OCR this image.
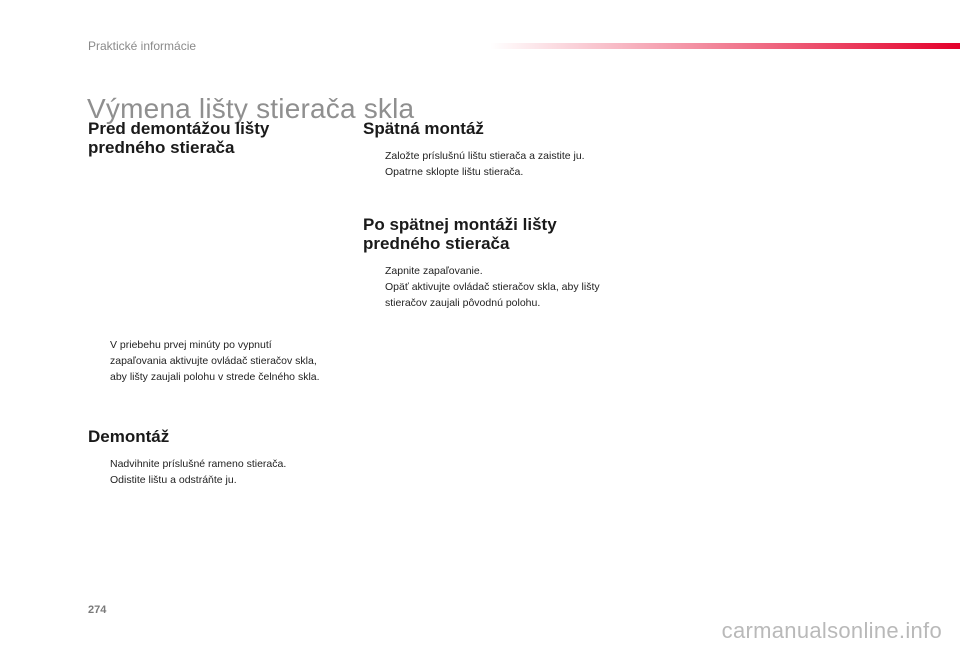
Praktické informácie
Výmena lišty stierača skla
Pred demontážou lišty
predného stierača
V priebehu prvej minúty po vypnutí zapaľovania aktivujte ovládač stieračov skla, aby lišty zaujali polohu v strede čelného skla.
Demontáž
Nadvihnite príslušné rameno stierača.
Odistite lištu a odstráňte ju.
Spätná montáž
Založte príslušnú lištu stierača a zaistite ju.
Opatrne sklopte lištu stierača.
Po spätnej montáži lišty
predného stierača
Zapnite zapaľovanie.
Opäť aktivujte ovládač stieračov skla, aby lišty stieračov zaujali pôvodnú polohu.
274
carmanualsonline.info
